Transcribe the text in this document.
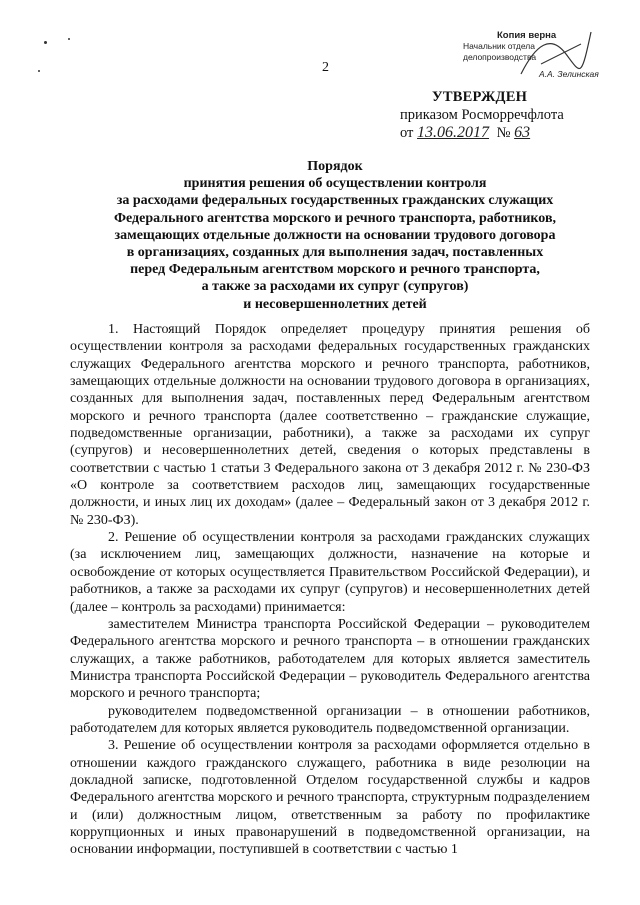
2
Копия верна
Начальник отдела делопроизводства
А.А. Зелинская
УТВЕРЖДЕН
приказом Росморречфлота
от 13.06.2017 № 63
Порядок
принятия решения об осуществлении контроля
за расходами федеральных государственных гражданских служащих
Федерального агентства морского и речного транспорта, работников,
замещающих отдельные должности на основании трудового договора
в организациях, созданных для выполнения задач, поставленных
перед Федеральным агентством морского и речного транспорта,
а также за расходами их супруг (супругов)
и несовершеннолетних детей

1. Настоящий Порядок определяет процедуру принятия решения об осуществлении контроля за расходами федеральных государственных гражданских служащих Федерального агентства морского и речного транспорта, работников, замещающих отдельные должности на основании трудового договора в организациях, созданных для выполнения задач, поставленных перед Федеральным агентством морского и речного транспорта (далее соответственно – гражданские служащие, подведомственные организации, работники), а также за расходами их супруг (супругов) и несовершеннолетних детей, сведения о которых представлены в соответствии с частью 1 статьи 3 Федерального закона от 3 декабря 2012 г. № 230-ФЗ «О контроле за соответствием расходов лиц, замещающих государственные должности, и иных лиц их доходам» (далее – Федеральный закон от 3 декабря 2012 г. № 230-ФЗ).

2. Решение об осуществлении контроля за расходами гражданских служащих (за исключением лиц, замещающих должности, назначение на которые и освобождение от которых осуществляется Правительством Российской Федерации), и работников, а также за расходами их супруг (супругов) и несовершеннолетних детей (далее – контроль за расходами) принимается:

заместителем Министра транспорта Российской Федерации – руководителем Федерального агентства морского и речного транспорта – в отношении гражданских служащих, а также работников, работодателем для которых является заместитель Министра транспорта Российской Федерации – руководитель Федерального агентства морского и речного транспорта;

руководителем подведомственной организации – в отношении работников, работодателем для которых является руководитель подведомственной организации.

3. Решение об осуществлении контроля за расходами оформляется отдельно в отношении каждого гражданского служащего, работника в виде резолюции на докладной записке, подготовленной Отделом государственной службы и кадров Федерального агентства морского и речного транспорта, структурным подразделением и (или) должностным лицом, ответственным за работу по профилактике коррупционных и иных правонарушений в подведомственной организации, на основании информации, поступившей в соответствии с частью 1
